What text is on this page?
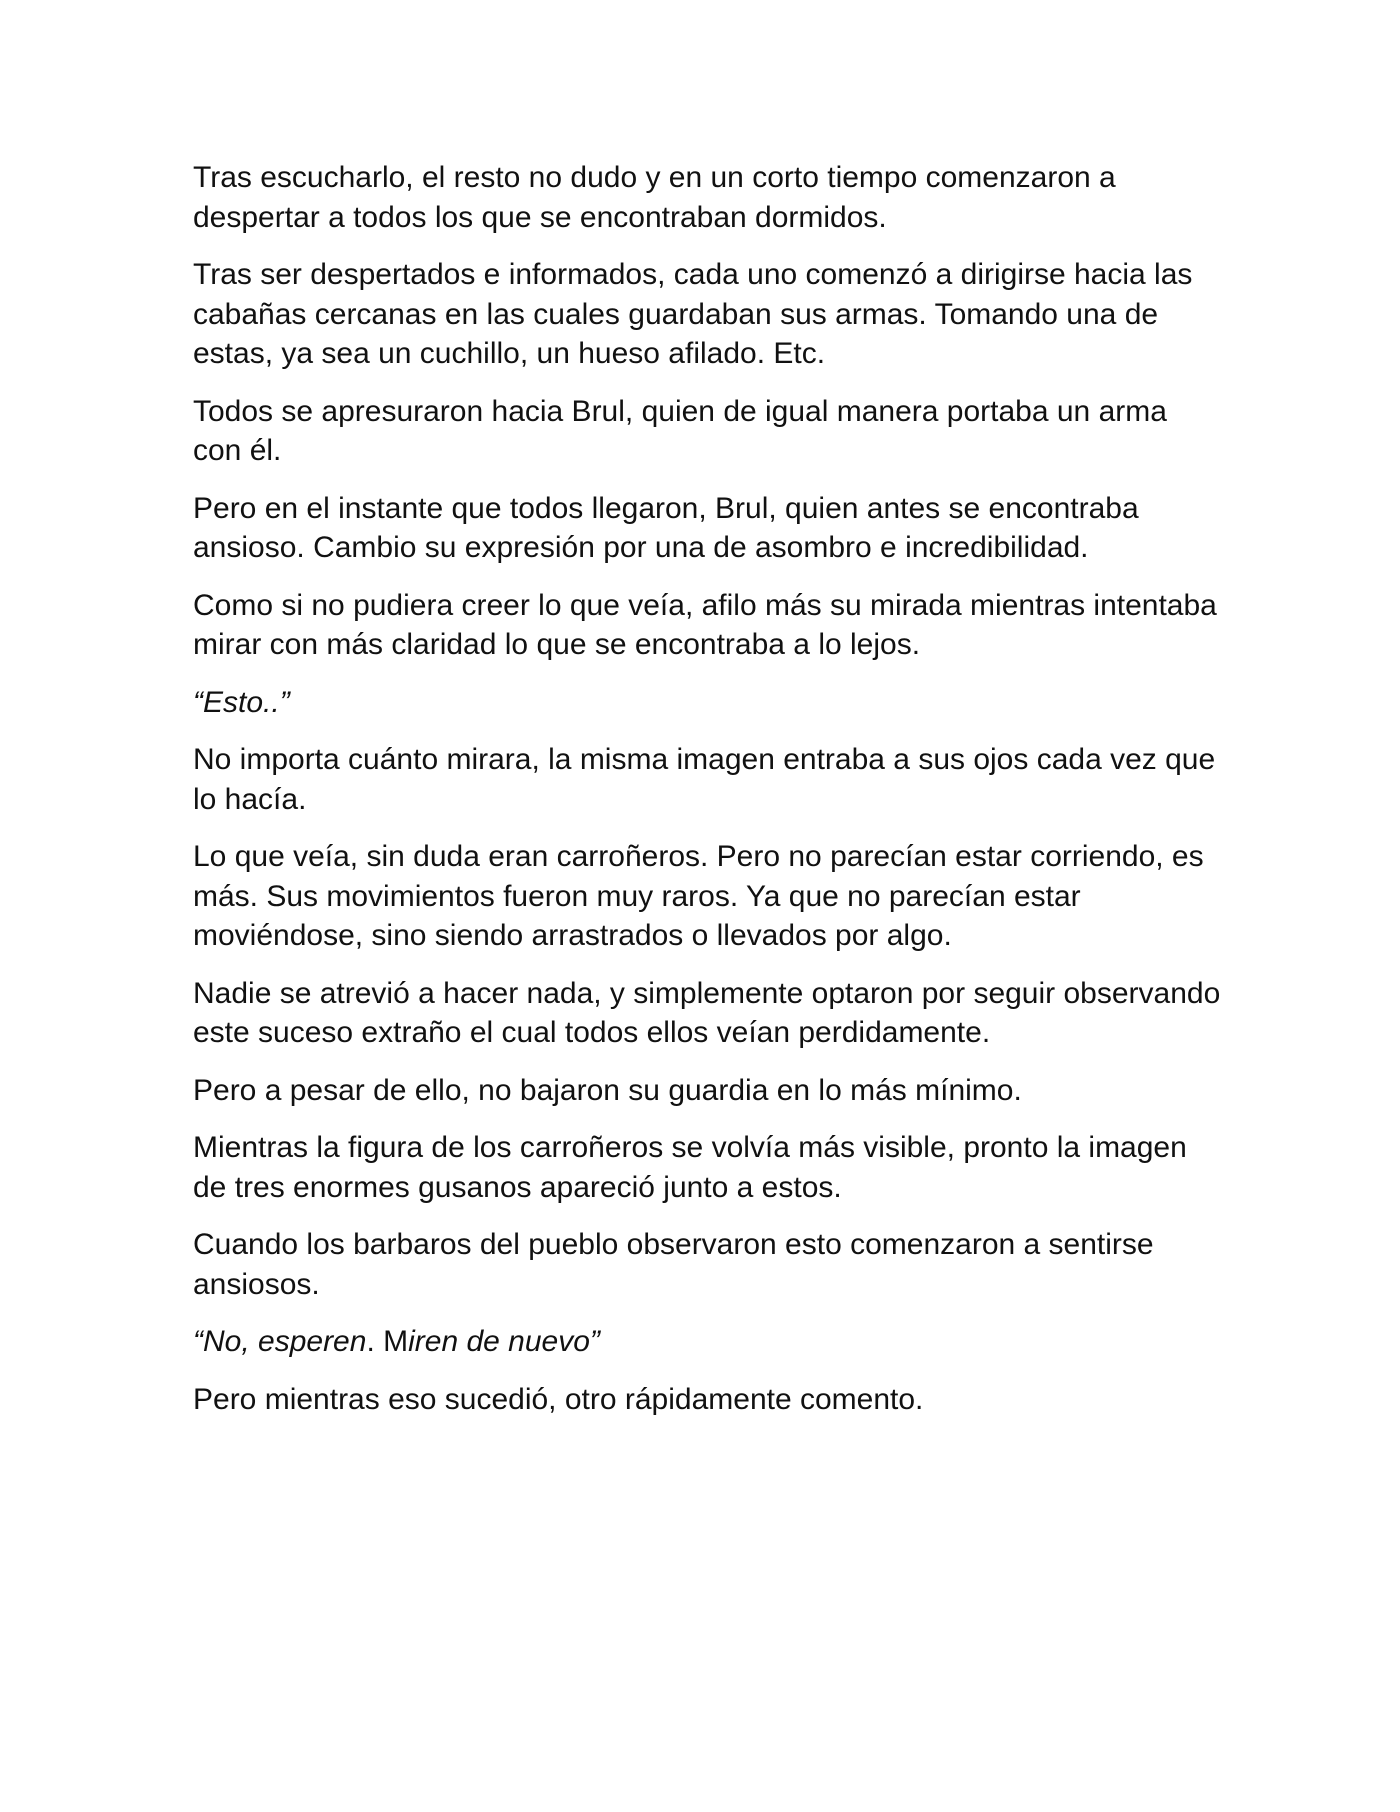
Tras escucharlo, el resto no dudo y en un corto tiempo comenzaron a despertar a todos los que se encontraban dormidos.

Tras ser despertados e informados, cada uno comenzó a dirigirse hacia las cabañas cercanas en las cuales guardaban sus armas. Tomando una de estas, ya sea un cuchillo, un hueso afilado. Etc.

Todos se apresuraron hacia Brul, quien de igual manera portaba un arma con él.

Pero en el instante que todos llegaron, Brul, quien antes se encontraba ansioso. Cambio su expresión por una de asombro e incredibilidad.

Como si no pudiera creer lo que veía, afilo más su mirada mientras intentaba mirar con más claridad lo que se encontraba a lo lejos.

“Esto..”

No importa cuánto mirara, la misma imagen entraba a sus ojos cada vez que lo hacía.

Lo que veía, sin duda eran carroñeros. Pero no parecían estar corriendo, es más. Sus movimientos fueron muy raros. Ya que no parecían estar moviéndose, sino siendo arrastrados o llevados por algo.

Nadie se atrevió a hacer nada, y simplemente optaron por seguir observando este suceso extraño el cual todos ellos veían perdidamente.

Pero a pesar de ello, no bajaron su guardia en lo más mínimo.

Mientras la figura de los carroñeros se volvía más visible, pronto la imagen de tres enormes gusanos apareció junto a estos.

Cuando los barbaros del pueblo observaron esto comenzaron a sentirse ansiosos.

“No, esperen. Miren de nuevo”

Pero mientras eso sucedió, otro rápidamente comento.
